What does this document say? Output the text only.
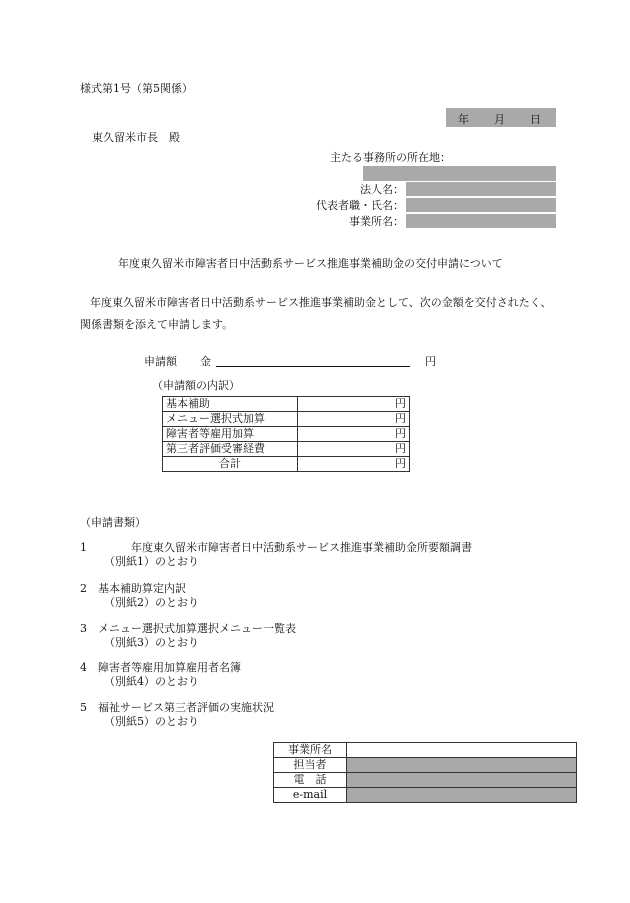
様式第1号（第5関係）
年 月 日
東久留米市長　殿
主たる事務所の所在地：
法人名：
代表者職・氏名：
事業所名：
年度東久留米市障害者日中活動系サービス推進事業補助金の交付申請について
年度東久留米市障害者日中活動系サービス推進事業補助金として、次の金額を交付されたく、関係書類を添えて申請します。
申請額 金	円
（申請額の内訳）
基本補助	円
メニュー選択式加算	円
障害者等雇用加算	円
第三者評価受審経費	円
合計	円
（申請書類）
1 　　　年度東久留米市障害者日中活動系サービス推進事業補助金所要額調書
（別紙1）のとおり
2 基本補助算定内訳
（別紙2）のとおり
3 メニュー選択式加算選択メニュー一覧表
（別紙3）のとおり
4 障害者等雇用加算雇用者名簿
（別紙4）のとおり
5 福祉サービス第三者評価の実施状況
（別紙5）のとおり
事業所名	
担当者	
電　話	
e-mail	
